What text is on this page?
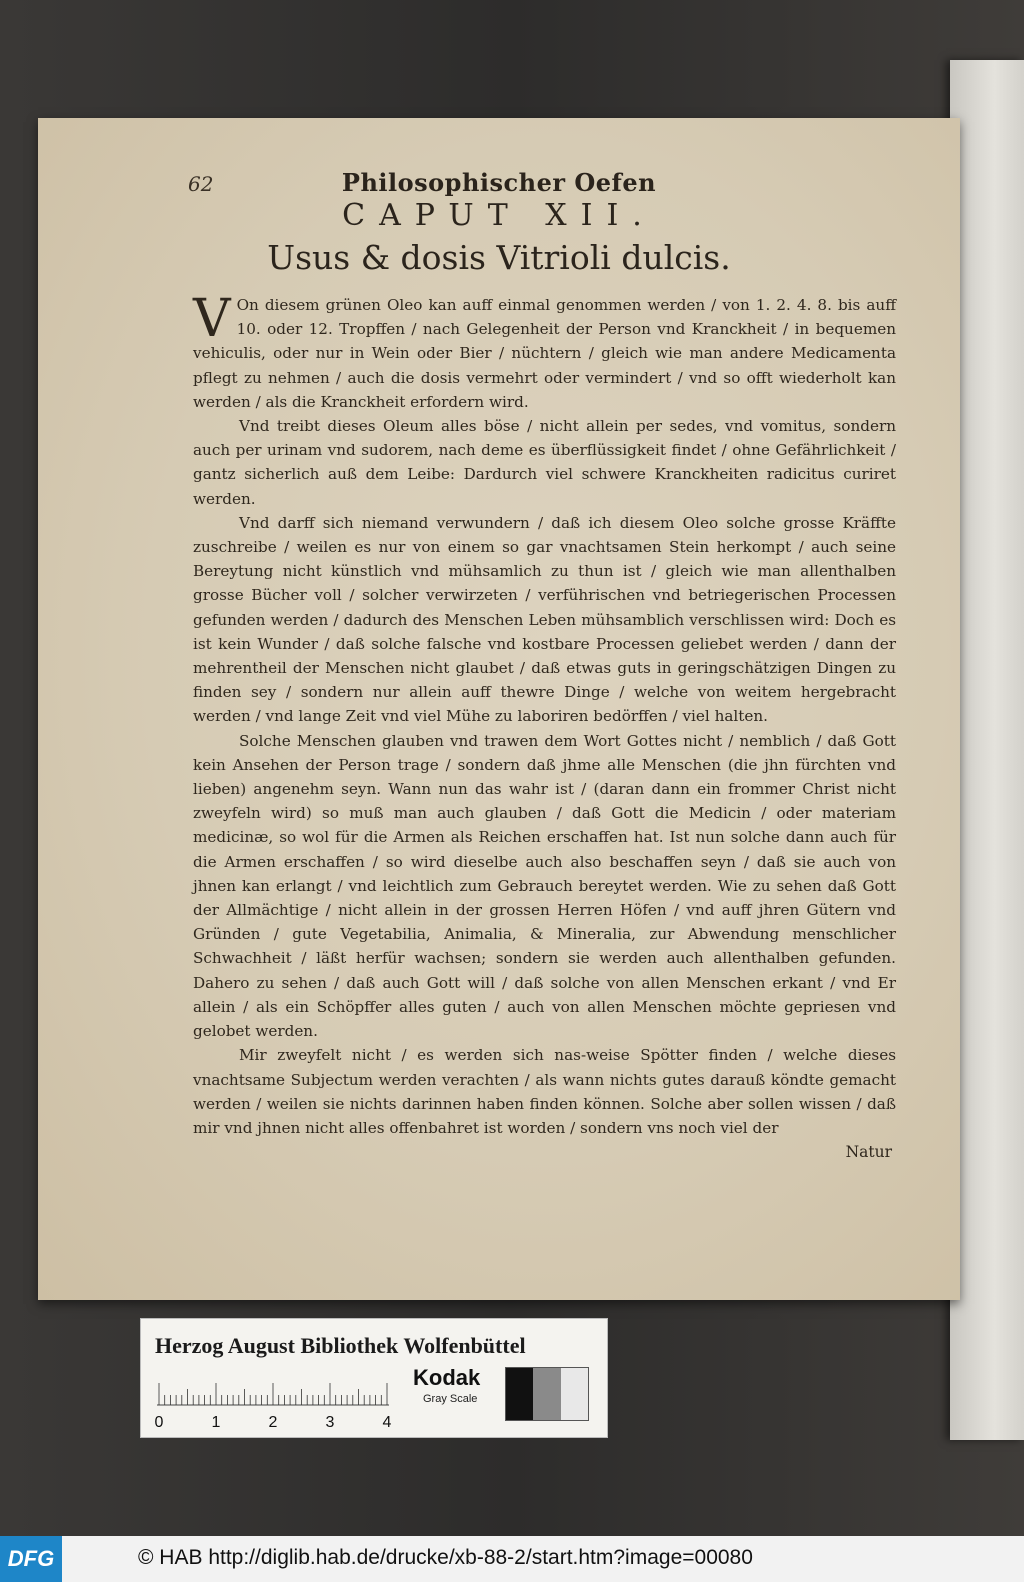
62	Philosophischer Oefen
CAPUT XII.
Usus & dosis Vitrioli dulcis.

VOn diesem grünen Oleo kan auff einmal genommen werden / von 1. 2. 4. 8. bis auff 10. oder 12. Tropffen / nach Gelegenheit der Person vnd Kranckheit / in bequemen vehiculis, oder nur in Wein oder Bier / nüchtern / gleich wie man andere Medicamenta pflegt zu nehmen / auch die dosis vermehrt oder vermindert / vnd so offt wiederholt kan werden / als die Kranckheit erfordern wird.

Vnd treibt dieses Oleum alles böse / nicht allein per sedes, vnd vomitus, sondern auch per urinam vnd sudorem, nach deme es überflüssigkeit findet / ohne Gefährlichkeit / gantz sicherlich auß dem Leibe: Dardurch viel schwere Kranckheiten radicitus curiret werden.

Vnd darff sich niemand verwundern / daß ich diesem Oleo solche grosse Kräffte zuschreibe / weilen es nur von einem so gar vnachtsamen Stein herkompt / auch seine Bereytung nicht künstlich vnd mühsamlich zu thun ist / gleich wie man allenthalben grosse Bücher voll / solcher verwirzeten / verführischen vnd betriegerischen Processen gefunden werden / dadurch des Menschen Leben mühsamblich verschlissen wird: Doch es ist kein Wunder / daß solche falsche vnd kostbare Processen geliebet werden / dann der mehrentheil der Menschen nicht glaubet / daß etwas guts in geringschätzigen Dingen zu finden sey / sondern nur allein auff thewre Dinge / welche von weitem hergebracht werden / vnd lange Zeit vnd viel Mühe zu laboriren bedörffen / viel halten.

Solche Menschen glauben vnd trawen dem Wort Gottes nicht / nemblich / daß Gott kein Ansehen der Person trage / sondern daß jhme alle Menschen (die jhn fürchten vnd lieben) angenehm seyn. Wann nun das wahr ist / (daran dann ein frommer Christ nicht zweyfeln wird) so muß man auch glauben / daß Gott die Medicin / oder materiam medicinæ, so wol für die Armen als Reichen erschaffen hat. Ist nun solche dann auch für die Armen erschaffen / so wird dieselbe auch also beschaffen seyn / daß sie auch von jhnen kan erlangt / vnd leichtlich zum Gebrauch bereytet werden. Wie zu sehen daß Gott der Allmächtige / nicht allein in der grossen Herren Höfen / vnd auff jhren Gütern vnd Gründen / gute Vegetabilia, Animalia, & Mineralia, zur Abwendung menschlicher Schwachheit / läßt herfür wachsen; sondern sie werden auch allenthalben gefunden. Dahero zu sehen / daß auch Gott will / daß solche von allen Menschen erkant / vnd Er allein / als ein Schöpffer alles guten / auch von allen Menschen möchte gepriesen vnd gelobet werden.

Mir zweyfelt nicht / es werden sich nas-weise Spötter finden / welche dieses vnachtsame Subjectum werden verachten / als wann nichts gutes darauß köndte gemacht werden / weilen sie nichts darinnen haben finden können. Solche aber sollen wissen / daß mir vnd jhnen nicht alles offenbahret ist worden / sondern vns noch viel der

Natur
Herzog August Bibliothek Wolfenbüttel
0	1	2	3	4
Kodak
Gray Scale
DFG	© HAB http://diglib.hab.de/drucke/xb-88-2/start.htm?image=00080
